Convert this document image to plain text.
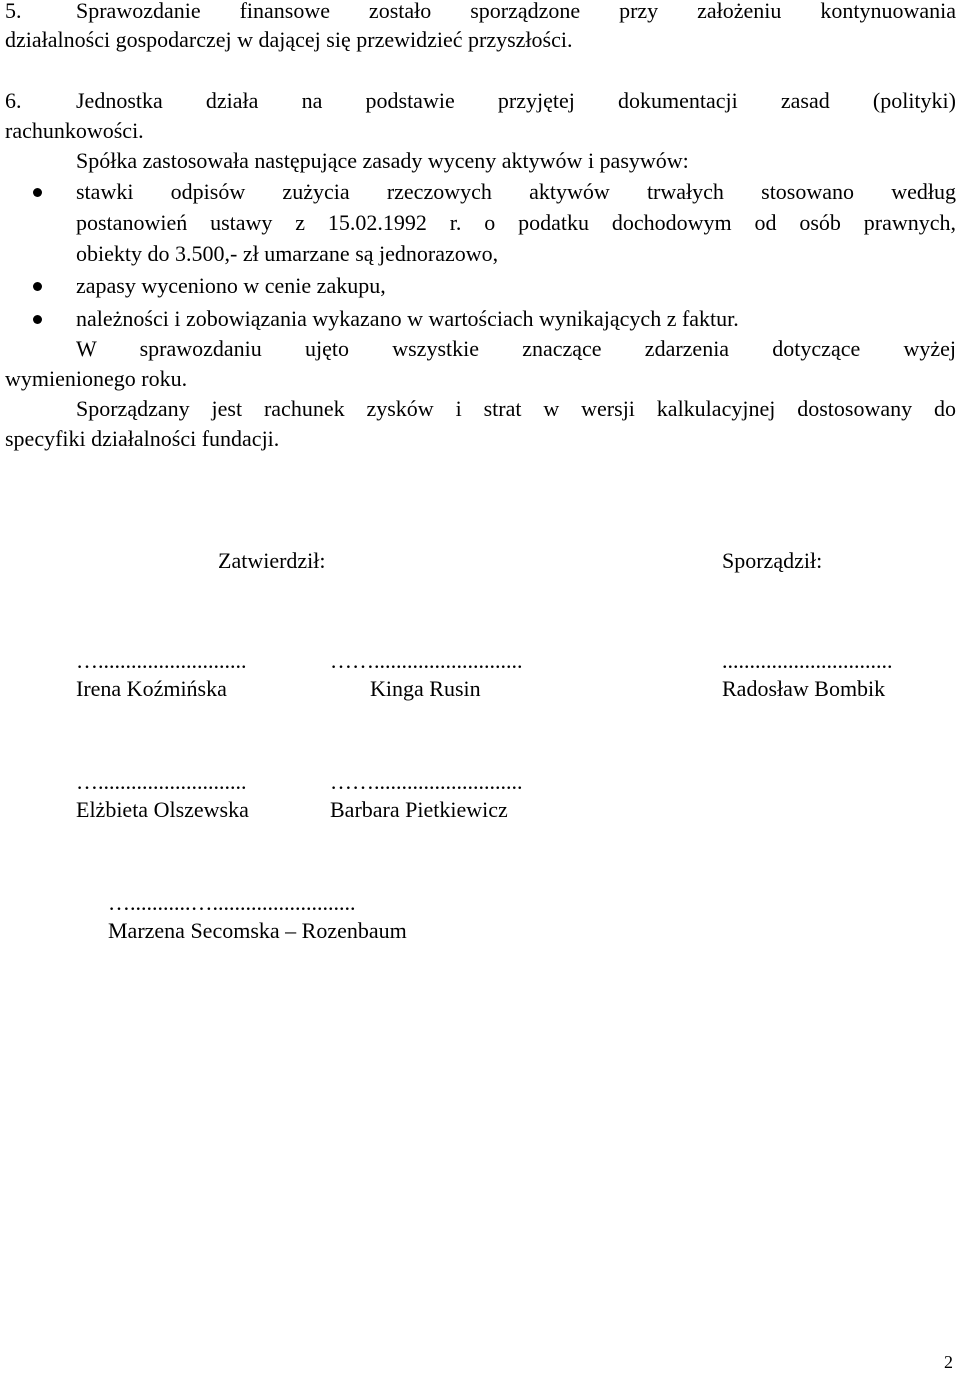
5. Sprawozdanie finansowe zostało sporządzone przy założeniu kontynuowania
działalności gospodarczej w dającej się przewidzieć przyszłości.
6. Jednostka działa na podstawie przyjętej dokumentacji zasad (polityki)
rachunkowości.
Spółka zastosowała następujące zasady wyceny aktywów i pasywów:
stawki odpisów zużycia rzeczowych aktywów trwałych stosowano według
postanowień ustawy z 15.02.1992 r. o podatku dochodowym od osób prawnych,
obiekty do 3.500,- zł umarzane są jednorazowo,
zapasy wyceniono w cenie zakupu,
należności i zobowiązania wykazano w wartościach wynikających z faktur.
W sprawozdaniu ujęto wszystkie znaczące zdarzenia dotyczące wyżej
wymienionego roku.
Sporządzany jest rachunek zysków i strat w wersji kalkulacyjnej dostosowany do
specyfiki działalności fundacji.
Zatwierdził:	Sporządził:
…...........................
Irena Koźmińska
……...........................
Kinga Rusin
...............................
Radosław Bombik
…...........................
Elżbieta Olszewska
……...........................
Barbara Pietkiewicz
…...........…..........................
Marzena Secomska – Rozenbaum
2
